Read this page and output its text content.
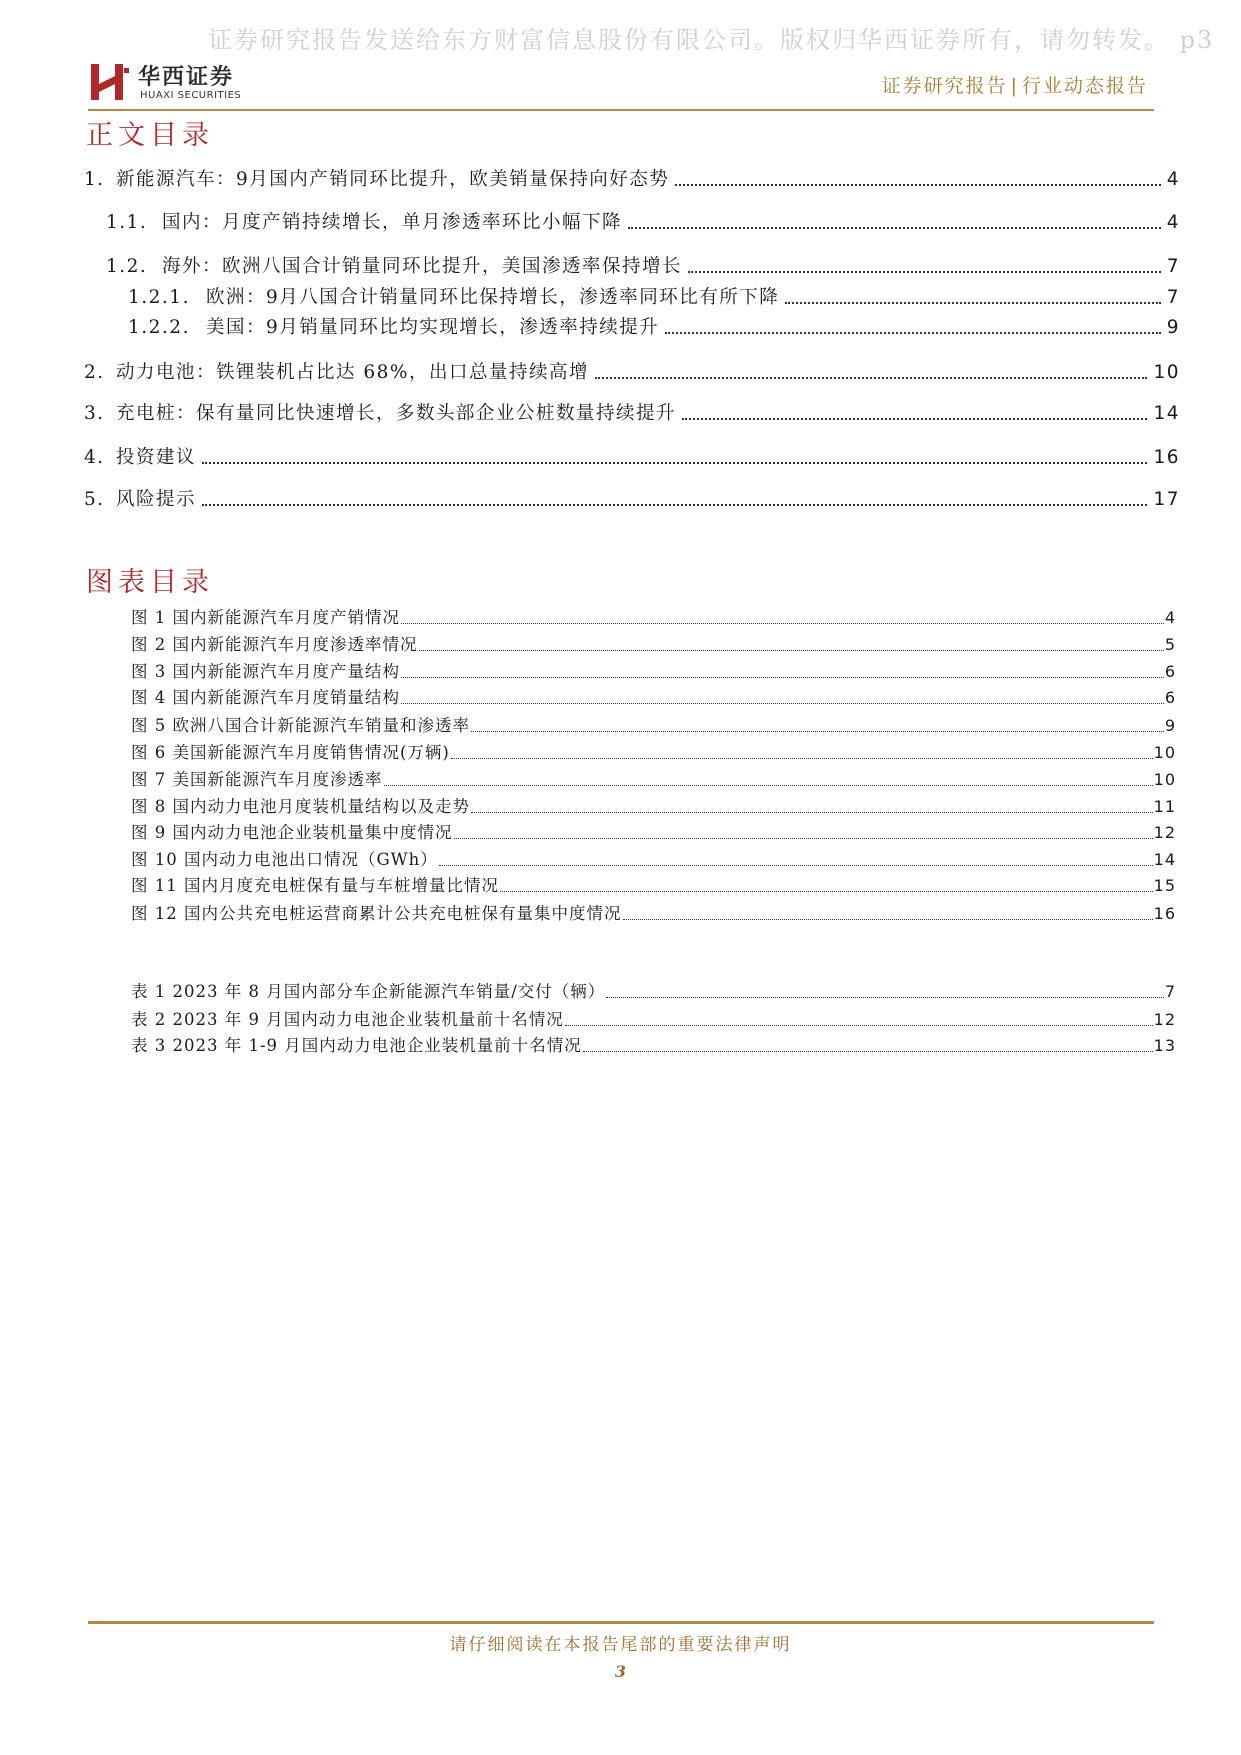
证券研究报告发送给东方财富信息股份有限公司。版权归华西证券所有，请勿转发。 p3
华西证券
HUAXI SECURITIES	证券研究报告 | 行业动态报告
正文目录
1. 新能源汽车：9月国内产销同环比提升，欧美销量保持向好态势	4
1.1. 国内：月度产销持续增长，单月渗透率环比小幅下降	4
1.2. 海外：欧洲八国合计销量同环比提升，美国渗透率保持增长	7
1.2.1. 欧洲：9月八国合计销量同环比保持增长，渗透率同环比有所下降	7
1.2.2. 美国：9月销量同环比均实现增长，渗透率持续提升	9
2. 动力电池：铁锂装机占比达 68%，出口总量持续高增	10
3. 充电桩：保有量同比快速增长，多数头部企业公桩数量持续提升	14
4. 投资建议	16
5. 风险提示	17
图表目录
图 1 国内新能源汽车月度产销情况	4
图 2 国内新能源汽车月度渗透率情况	5
图 3 国内新能源汽车月度产量结构	6
图 4 国内新能源汽车月度销量结构	6
图 5 欧洲八国合计新能源汽车销量和渗透率	9
图 6 美国新能源汽车月度销售情况(万辆)	10
图 7 美国新能源汽车月度渗透率	10
图 8 国内动力电池月度装机量结构以及走势	11
图 9 国内动力电池企业装机量集中度情况	12
图 10 国内动力电池出口情况（GWh）	14
图 11 国内月度充电桩保有量与车桩增量比情况	15
图 12 国内公共充电桩运营商累计公共充电桩保有量集中度情况	16
表 1 2023 年 8 月国内部分车企新能源汽车销量/交付（辆）	7
表 2 2023 年 9 月国内动力电池企业装机量前十名情况	12
表 3 2023 年 1-9 月国内动力电池企业装机量前十名情况	13
请仔细阅读在本报告尾部的重要法律声明
3
